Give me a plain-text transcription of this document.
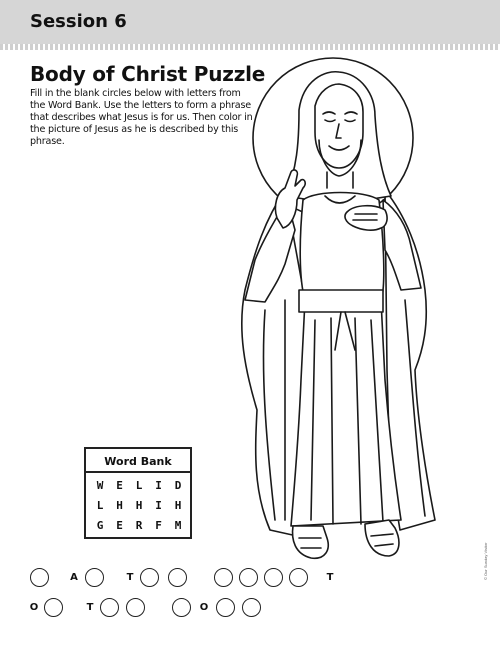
Session 6
Body of Christ Puzzle
Fill in the blank circles below with letters from the Word Bank. Use the letters to form a phrase that describes what Jesus is for us. Then color in the picture of Jesus as he is described by this phrase.
Word Bank
W	E	L	I	D
L	H	H	I	H
G	E	R	F	M
A	T	T
O	T	O
© Our Sunday Visitor
